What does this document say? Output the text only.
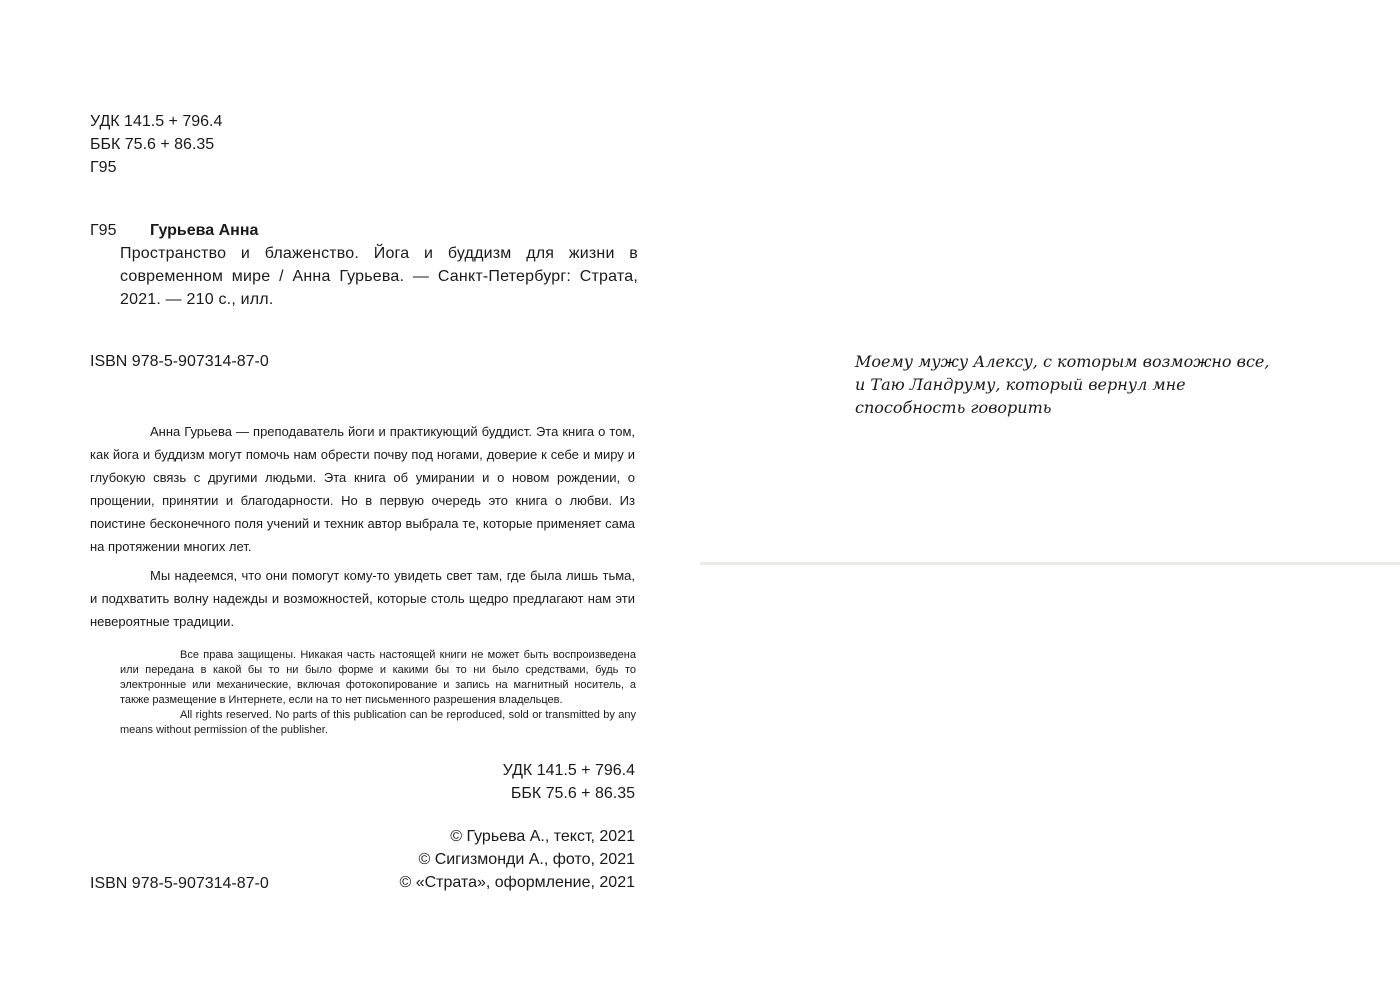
УДК 141.5 + 796.4
ББК 75.6 + 86.35
Г95
Г95 Гурьева Анна
Пространство и блаженство. Йога и буддизм для жизни в современном мире / Анна Гурьева. — Санкт-Петербург: Страта, 2021. — 210 с., илл.
ISBN 978-5-907314-87-0

Анна Гурьева — преподаватель йоги и практикующий буддист. Эта книга о том, как йога и буддизм могут помочь нам обрести почву под ногами, доверие к себе и миру и глубокую связь с другими людьми. Эта книга об умирании и о новом рождении, о прощении, принятии и благодарности. Но в первую очередь это книга о любви. Из поистине бесконечного поля учений и техник автор выбрала те, которые применяет сама на протяжении многих лет.

Мы надеемся, что они помогут кому-то увидеть свет там, где была лишь тьма, и подхватить волну надежды и возможностей, которые столь щедро предлагают нам эти невероятные традиции.

Все права защищены. Никакая часть настоящей книги не может быть воспроизведена или передана в какой бы то ни было форме и какими бы то ни было средствами, будь то электронные или механические, включая фотокопирование и запись на магнитный носитель, а также размещение в Интернете, если на то нет письменного разрешения владельцев.

All rights reserved. No parts of this publication can be reproduced, sold or transmitted by any means without permission of the publisher.

УДК 141.5 + 796.4
ББК 75.6 + 86.35
© Гурьева А., текст, 2021
© Сигизмонди А., фото, 2021
© «Страта», оформление, 2021
ISBN 978-5-907314-87-0
Моему мужу Алексу, с которым возможно все,
и Таю Ландруму, который вернул мне
способность говорить
